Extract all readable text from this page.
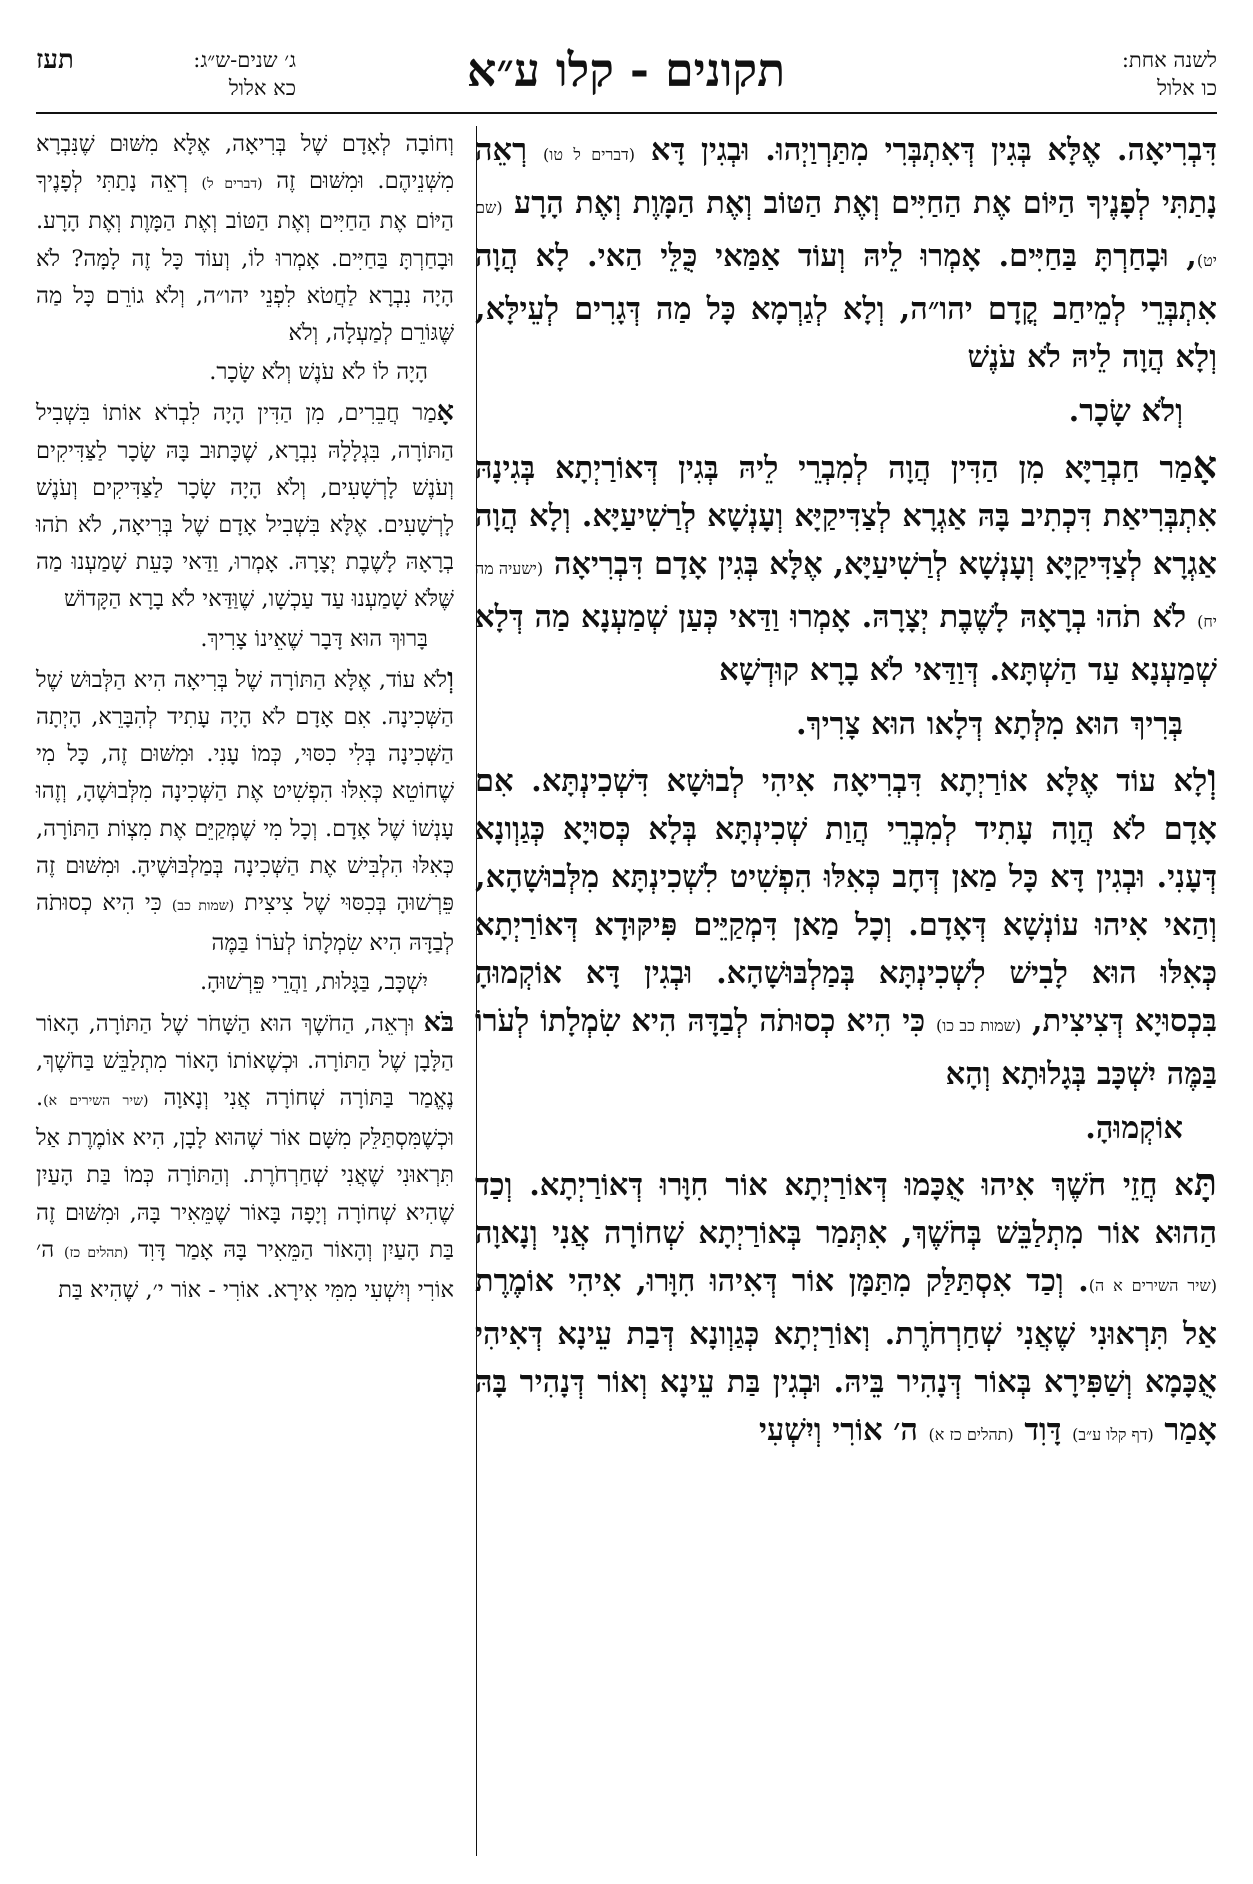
לשנה אחת:
כו אלול
תקונים - קלו ע״א
ג׳ שנים-ש״ג:
כא אלול
תעז

דִּבְרִיאָה. אֶלָּא בְּגִין דְּאִתְבְּרִי מִתַּרְוַיְהוּ. וּבְגִין דָּא (דברים ל טו) רְאֵה נָתַתִּי לְפָנֶיךָ הַיּוֹם אֶת הַחַיִּים וְאֶת הַטּוֹב וְאֶת הַמָּוֶת וְאֶת הָרָע (שם יט), וּבָחַרְתָּ בַּחַיִּים. אָמְרוּ לֵיהּ וְעוֹד אַמַּאי כֻּלֵּי הַאי. לָא הֲוָה אִתְבְּרֵי לְמֵיחַב קֳדָם יהו״ה, וְלָא לְגַרְמָא כָּל מַה דְּגָרִים לְעֵילָּא, וְלָא הֲוָה לֵיהּ לֹא עֹנֶשׁ

וְלֹא שָׂכָר.

אָמַר חַבְרַיָּא מִן הַדִּין הֲוָה לְמִבְרֵי לֵיהּ בְּגִין דְּאוֹרַיְתָא בְּגִינָהּ אִתְבְּרִיאַת דִּכְתִיב בָּהּ אַגְרָא לְצַדִּיקַיָּא וְעָנְשָׁא לְרַשִׁיעַיָּא. וְלָא הֲוָה אַגְרָא לְצַדִּיקַיָּא וְעָנְשָׁא לְרַשִׁיעַיָּא, אֶלָּא בְּגִין אָדָם דִּבְרִיאָה (ישעיה מה יח) לֹא תֹהוּ בְרָאָהּ לָשֶׁבֶת יְצָרָהּ. אָמְרוּ וַדַּאי כְּעַן שְׁמַעְנָא מַה דְּלָא שְׁמַעְנָא עַד הַשְׁתָּא. דְּוַדַּאי לֹא בָרָא קוּדְשָׁא

בְּרִיךְ הוּא מִלְּתָא דְּלָאו הוּא צָרִיךְ.

וְלָא עוֹד אֶלָּא אוֹרַיְתָא דִּבְרִיאָה אִיהִי לְבוּשָׁא דִּשְׁכִינְתָּא. אִם אָדָם לֹא הֲוָה עָתִיד לְמִבְרֵי הֲוַת שְׁכִינְתָּא בְּלָא כְּסוּיָא כְּגַוְונָא דְּעָנִי. וּבְגִין דָּא כָּל מַאן דְּחָב כְּאִלּוּ הִפְשִׁיט לִשְׁכִינְתָּא מִלְּבוּשָׁהָא, וְהַאי אִיהוּ עוֹנְשָׁא דְּאָדָם. וְכָל מַאן דִּמְקַיֵּים פִּיקּוּדָא דְּאוֹרַיְתָא כְּאִלּוּ הוּא לָבִישׁ לִשְׁכִינְתָּא בְּמַלְבּוּשָׁהָא. וּבְגִין דָּא אוֹקְמוּהָ בִּכְסוּיָא דְּצִיצִית, (שמות כב כו) כִּי הִיא כְסוּתֹה לְבַדָּהּ הִיא שִׂמְלָתוֹ לְעֹרוֹ בַּמֶּה יִשְׁכָּב בְּגָלוּתָא וְהָא

אוֹקְמוּהָ.

תָּא חֲזֵי חֹשֶׁךְ אִיהוּ אֻכָּמוּ דְּאוֹרַיְתָא אוֹר חִוָּרוּ דְּאוֹרַיְתָא. וְכַד הַהוּא אוֹר מִתְלַבֵּשׁ בְּחֹשֶׁךְ, אִתְּמַר בְּאוֹרַיְתָא שְׁחוֹרָה אֲנִי וְנָאוָה (שיר השירים א ה). וְכַד אִסְתַּלַּק מִתַּמָּן אוֹר דְּאִיהוּ חִוָּרוּ, אִיהִי אוֹמֶרֶת אַל תִּרְאוּנִי שֶׁאֲנִי שְׁחַרְחֹרֶת. וְאוֹרַיְתָא כְּגַוְונָא דְּבַת עֵינָא דְּאִיהִי אֻכָּמָא וְשַׁפִּירָא בְּאוֹר דְּנָהִיר בֵּיהּ. וּבְגִין בַּת עֵינָא וְאוֹר דְּנָהִיר בָּהּ אָמַר (דף קלו ע״ב) דָּוִד (תהלים כז א) ה׳ אוֹרִי וְיִשְׁעִי

וְחוֹבָה לְאָדָם שֶׁל בְּרִיאָה, אֶלָּא מִשּׁוּם שֶׁנִּבְרָא מִשְּׁנֵיהֶם. וּמִשּׁוּם זֶה (דברים ל) רְאֵה נָתַתִּי לְפָנֶיךָ הַיּוֹם אֶת הַחַיִּים וְאֶת הַטּוֹב וְאֶת הַמָּוֶת וְאֶת הָרָע. וּבָחַרְתָּ בַּחַיִּים. אָמְרוּ לוֹ, וְעוֹד כָּל זֶה לָמָּה? לֹא הָיָה נִבְרָא לַחֲטֹא לִפְנֵי יהו״ה, וְלֹא גוֹרֵם כָּל מַה שֶּׁגּוֹרֵם לְמַעְלָה, וְלֹא

הָיָה לוֹ לֹא עֹנֶשׁ וְלֹא שָׂכָר.

אָמַר חֲבֵרִים, מִן הַדִּין הָיָה לִבְרֹא אוֹתוֹ בִּשְׁבִיל הַתּוֹרָה, בִּגְלָלָהּ נִבְרָא, שֶׁכָּתוּב בָּהּ שָׂכָר לַצַּדִּיקִים וְעֹנֶשׁ לָרְשָׁעִים, וְלֹא הָיָה שָׂכָר לַצַּדִּיקִים וְעֹנֶשׁ לָרְשָׁעִים. אֶלָּא בִּשְׁבִיל אָדָם שֶׁל בְּרִיאָה, לֹא תֹהוּ בְרָאָהּ לָשֶׁבֶת יְצָרָהּ. אָמְרוּ, וַדַּאי כָּעֵת שָׁמַעְנוּ מַה שֶּׁלֹּא שָׁמַעְנוּ עַד עַכְשָׁו, שֶׁוַּדַּאי לֹא בָרָא הַקָּדוֹשׁ

בָּרוּךְ הוּא דָּבָר שֶׁאֵינוֹ צָרִיךְ.

וְלֹא עוֹד, אֶלָּא הַתּוֹרָה שֶׁל בְּרִיאָה הִיא הַלְּבוּשׁ שֶׁל הַשְּׁכִינָה. אִם אָדָם לֹא הָיָה עָתִיד לְהִבָּרֵא, הָיְתָה הַשְּׁכִינָה בְּלִי כִסּוּי, כְּמוֹ עָנִי. וּמִשּׁוּם זֶה, כָּל מִי שֶׁחוֹטֵא כְּאִלּוּ הִפְשִׁיט אֶת הַשְּׁכִינָה מִלְּבוּשֶׁהָ, וְזֶהוּ עָנְשׁוֹ שֶׁל אָדָם. וְכָל מִי שֶׁמְּקַיֵּם אֶת מִצְוֹת הַתּוֹרָה, כְּאִלּוּ הִלְבִּישׁ אֶת הַשְּׁכִינָה בְּמַלְבּוּשֶׁיהָ. וּמִשּׁוּם זֶה פֵּרְשׁוּהָ בְּכִסּוּי שֶׁל צִיצִית (שמות כב) כִּי הִיא כְסוּתֹה לְבַדָּהּ הִיא שִׂמְלָתוֹ לְעֹרוֹ בַּמֶּה

יִשְׁכָּב, בַּגָּלוּת, וַהֲרֵי פֵּרְשׁוּהָ.

בֹּא וּרְאֵה, הַחֹשֶׁךְ הוּא הַשָּׁחֹר שֶׁל הַתּוֹרָה, הָאוֹר הַלָּבָן שֶׁל הַתּוֹרָה. וּכְשֶׁאוֹתוֹ הָאוֹר מִתְלַבֵּשׁ בַּחֹשֶׁךְ, נֶאֱמַר בַּתּוֹרָה שְׁחוֹרָה אֲנִי וְנָאוָה (שיר השירים א). וּכְשֶׁמִּסְתַּלֵּק מִשָּׁם אוֹר שֶׁהוּא לָבָן, הִיא אוֹמֶרֶת אַל תִּרְאוּנִי שֶׁאֲנִי שְׁחַרְחֹרֶת. וְהַתּוֹרָה כְּמוֹ בַּת הָעַיִן שֶׁהִיא שְׁחוֹרָה וְיָפָה בָּאוֹר שֶׁמֵּאִיר בָּהּ, וּמִשּׁוּם זֶה בַּת הָעַיִן וְהָאוֹר הַמֵּאִיר בָּהּ אָמַר דָּוִד (תהלים כז) ה׳ אוֹרִי וְיִשְׁעִי מִמִּי אִירָא. אוֹרִי - אוֹר י׳, שֶׁהִיא בַּת
